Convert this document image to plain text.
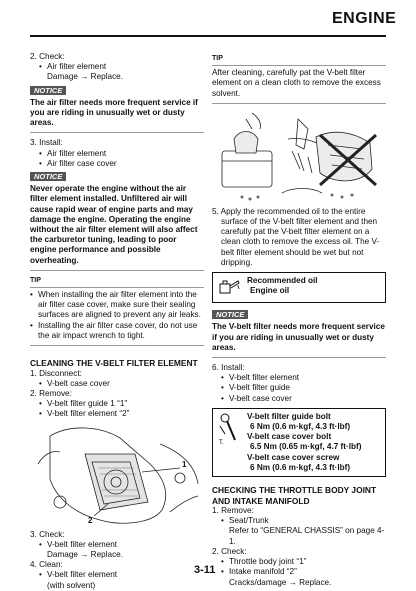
ENGINE
2. Check:
• Air filter element
Damage → Replace.
NOTICE

The air filter needs more frequent service if you are riding in unusually wet or dusty areas.

3. Install:
• Air filter element
• Air filter case cover
NOTICE

Never operate the engine without the air filter element installed. Unfiltered air will cause rapid wear of engine parts and may damage the engine. Operating the engine without the air filter element will also affect the carburetor tuning, leading to poor engine performance and possible overheating.

TIP
• When installing the air filter element into the air filter case cover, make sure their sealing surfaces are aligned to prevent any air leaks.
• Installing the air filter case cover, do not use the air impact wrench to tight.
CLEANING THE V-BELT FILTER ELEMENT
1. Disconnect:
• V-belt case cover
2. Remove:
• V-belt filter guide 1 “1”
• V-belt filter element “2”
1
2
3. Check:
• V-belt filter element
Damage → Replace.
4. Clean:
• V-belt filter element
(with solvent)
TIP
After cleaning, carefully pat the V-belt filter element on a clean cloth to remove the excess solvent.
5. Apply the recommended oil to the entire surface of the V-belt filter element and then carefully pat the V-belt filter element on a clean cloth to remove the excess oil. The V-belt filter element should be wet but not dripping.
Recommended oil
Engine oil
NOTICE

The V-belt filter needs more frequent service if you are riding in unusually wet or dusty areas.

6. Install:
• V-belt filter element
• V-belt filter guide
• V-belt case cover
T.
V-belt filter guide bolt
6 Nm (0.6 m·kgf, 4.3 ft·lbf)
V-belt case cover bolt
6.5 Nm (0.65 m·kgf, 4.7 ft·lbf)
V-belt case cover screw
6 Nm (0.6 m·kgf, 4.3 ft·lbf)
CHECKING THE THROTTLE BODY JOINT AND INTAKE MANIFOLD
1. Remove:
• Seat/Trunk
Refer to “GENERAL CHASSIS” on page 4-1.
2. Check:
• Throttle body joint “1”
• Intake manifold “2”
Cracks/damage → Replace.
3-11
